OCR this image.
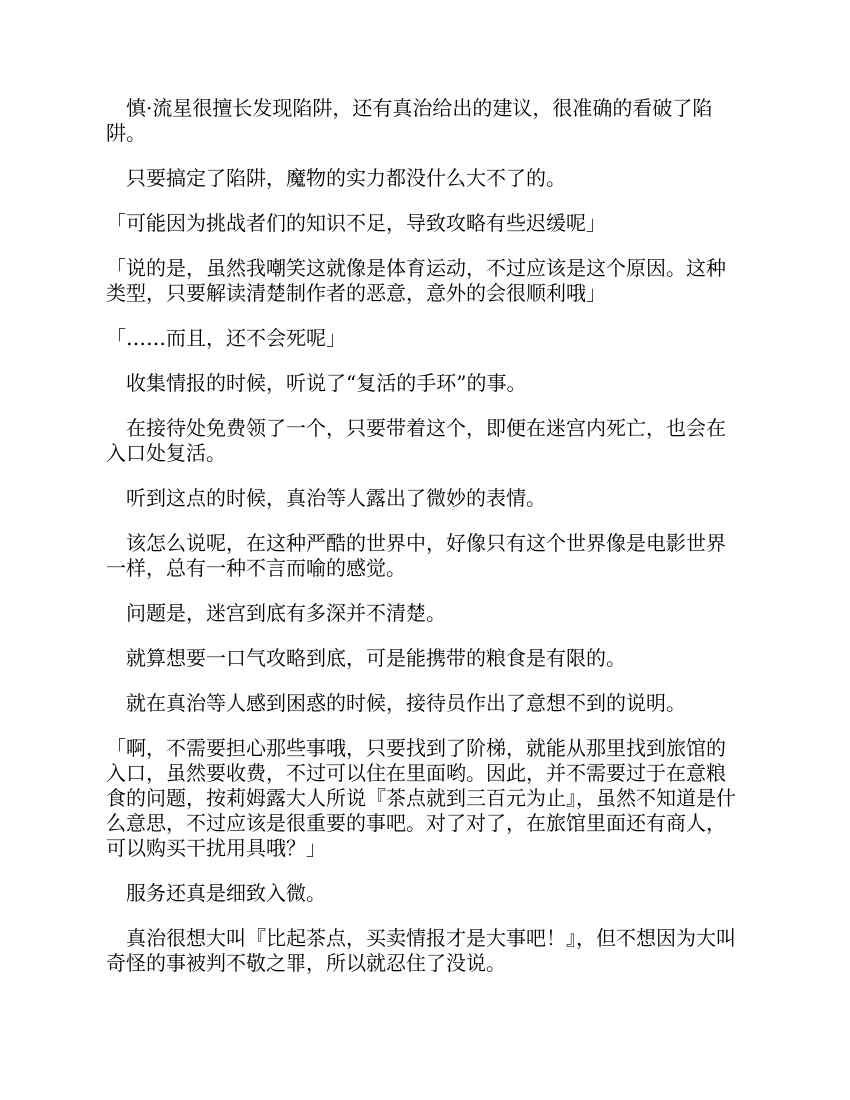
慎·流星很擅长发现陷阱，还有真治给出的建议，很准确的看破了陷阱。

只要搞定了陷阱，魔物的实力都没什么大不了的。

「可能因为挑战者们的知识不足，导致攻略有些迟缓呢」

「说的是，虽然我嘲笑这就像是体育运动，不过应该是这个原因。这种类型，只要解读清楚制作者的恶意，意外的会很顺利哦」

「……而且，还不会死呢」

收集情报的时候，听说了“复活的手环”的事。

在接待处免费领了一个，只要带着这个，即便在迷宫内死亡，也会在入口处复活。

听到这点的时候，真治等人露出了微妙的表情。

该怎么说呢，在这种严酷的世界中，好像只有这个世界像是电影世界一样，总有一种不言而喻的感觉。

问题是，迷宫到底有多深并不清楚。

就算想要一口气攻略到底，可是能携带的粮食是有限的。

就在真治等人感到困惑的时候，接待员作出了意想不到的说明。

「啊，不需要担心那些事哦，只要找到了阶梯，就能从那里找到旅馆的入口，虽然要收费，不过可以住在里面哟。因此，并不需要过于在意粮食的问题，按莉姆露大人所说『茶点就到三百元为止』，虽然不知道是什么意思，不过应该是很重要的事吧。对了对了，在旅馆里面还有商人，可以购买干扰用具哦？」

服务还真是细致入微。

真治很想大叫『比起茶点，买卖情报才是大事吧！』，但不想因为大叫奇怪的事被判不敬之罪，所以就忍住了没说。
